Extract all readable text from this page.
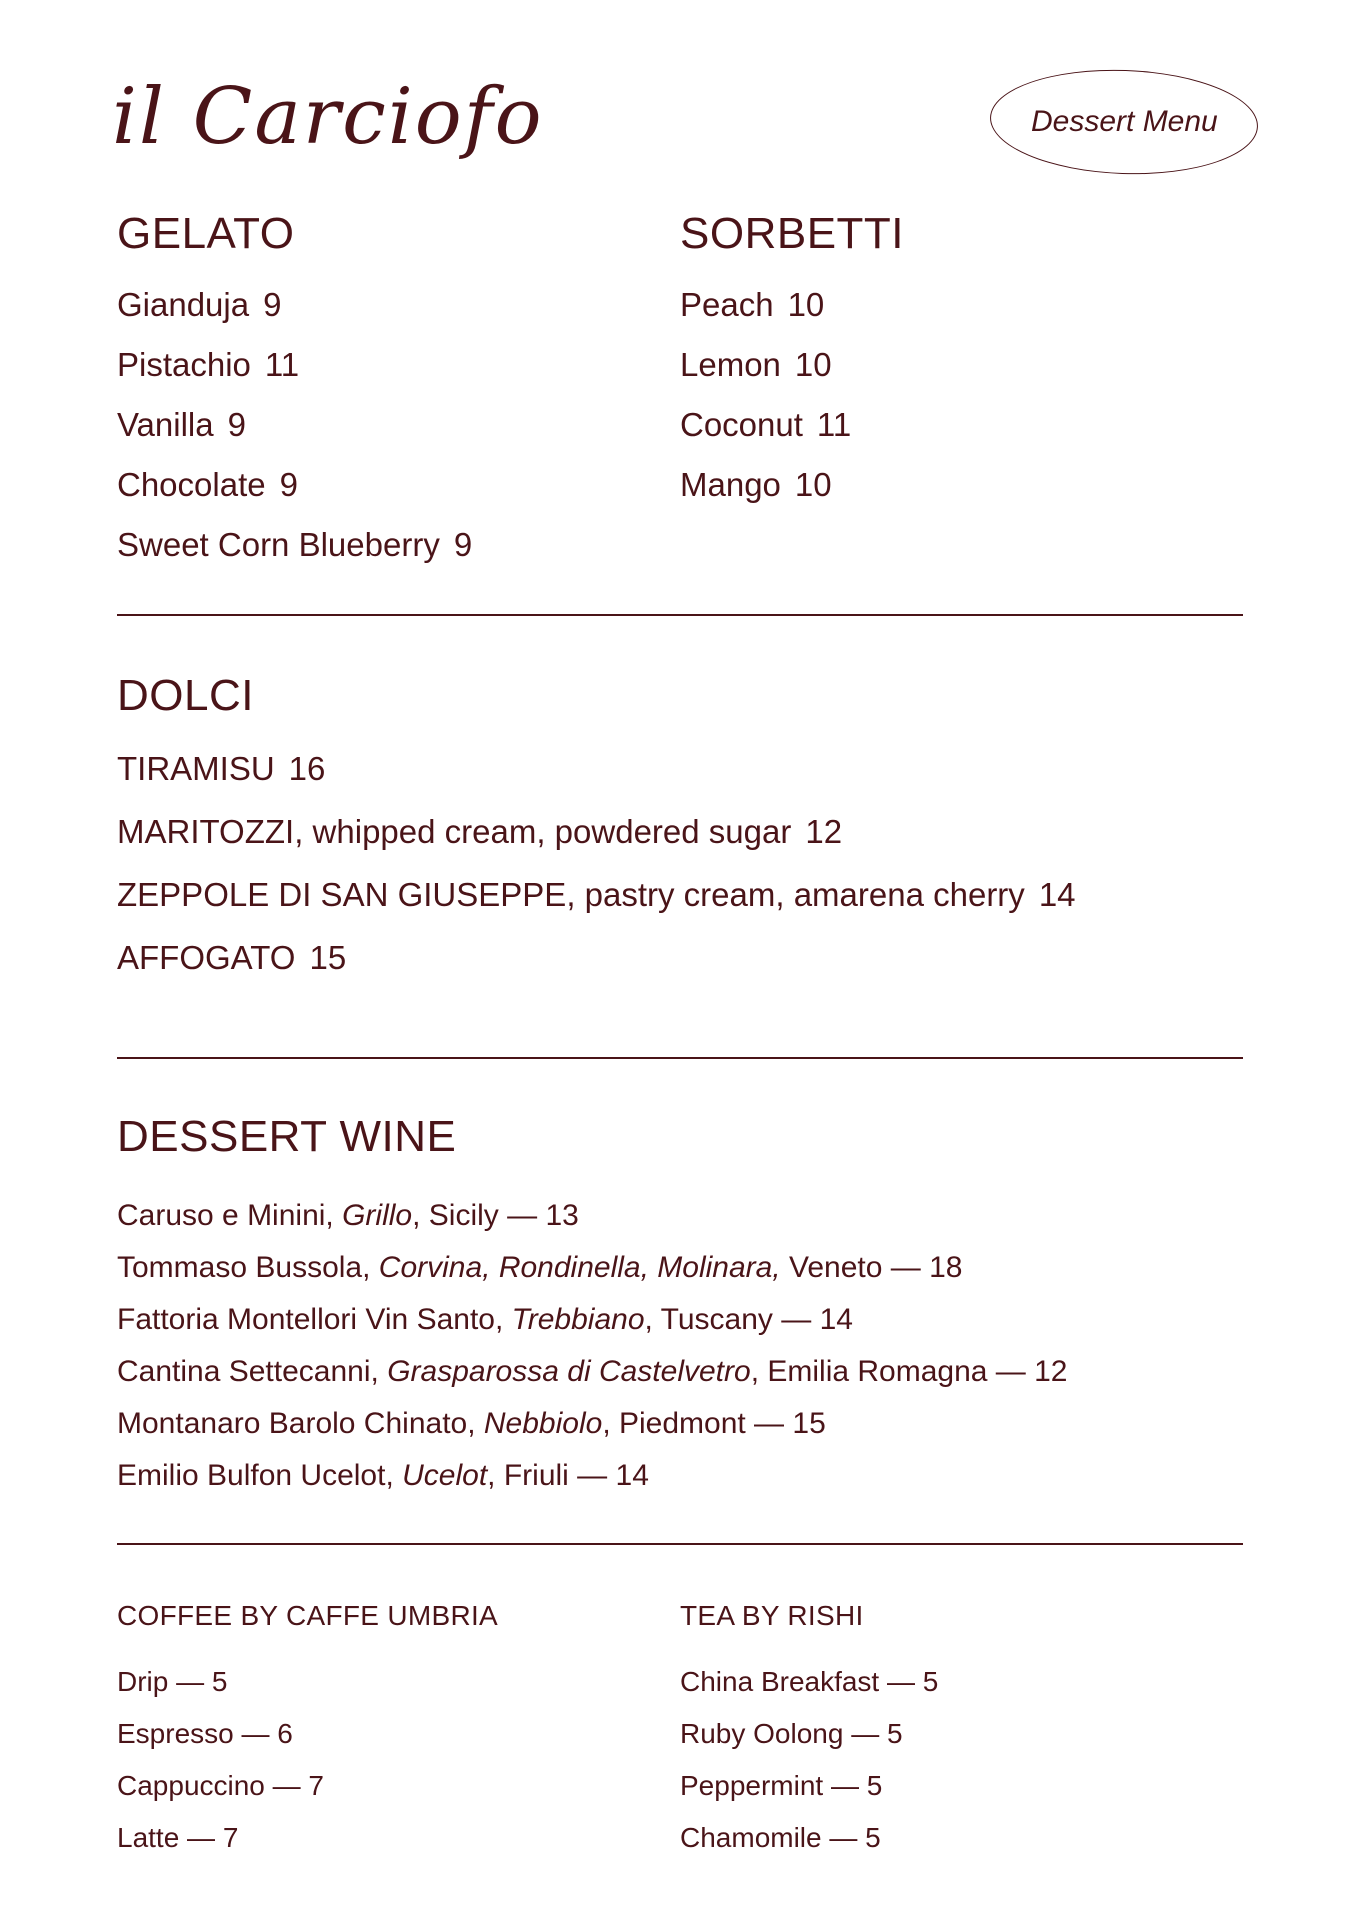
il Carciofo	Dessert Menu
GELATO
Gianduja 9
Pistachio 11
Vanilla 9
Chocolate 9
Sweet Corn Blueberry 9
SORBETTI
Peach 10
Lemon 10
Coconut 11
Mango 10
DOLCI
TIRAMISU 16
MARITOZZI, whipped cream, powdered sugar 12
ZEPPOLE DI SAN GIUSEPPE, pastry cream, amarena cherry 14
AFFOGATO 15
DESSERT WINE
Caruso e Minini, Grillo, Sicily — 13
Tommaso Bussola, Corvina, Rondinella, Molinara, Veneto — 18
Fattoria Montellori Vin Santo, Trebbiano, Tuscany — 14
Cantina Settecanni, Grasparossa di Castelvetro, Emilia Romagna — 12
Montanaro Barolo Chinato, Nebbiolo, Piedmont — 15
Emilio Bulfon Ucelot, Ucelot, Friuli — 14
COFFEE BY CAFFE UMBRIA
Drip — 5
Espresso — 6
Cappuccino — 7
Latte — 7
TEA BY RISHI
China Breakfast — 5
Ruby Oolong — 5
Peppermint — 5
Chamomile — 5
